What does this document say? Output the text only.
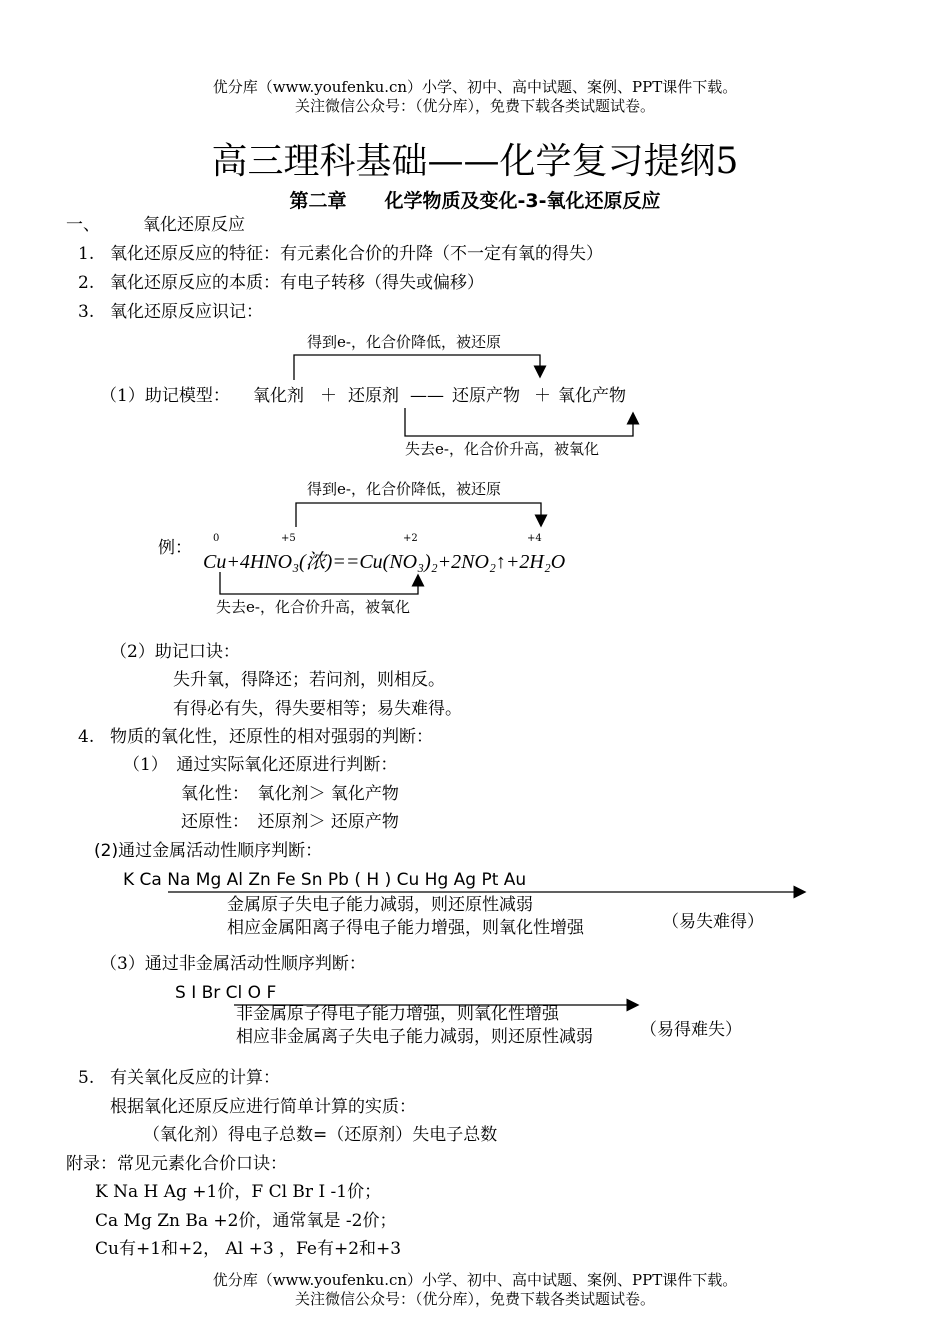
优分库（www.youfenku.cn）小学、初中、高中试题、案例、PPT课件下载。
关注微信公众号：（优分库），免费下载各类试题试卷。
高三理科基础——化学复习提纲5
第二章　　化学物质及变化-3-氧化还原反应
一、	氧化还原反应
1. 氧化还原反应的特征：有元素化合价的升降（不一定有氧的得失）
2. 氧化还原反应的本质：有电子转移（得失或偏移）
3. 氧化还原反应识记：
得到e-，化合价降低，被还原
（1）助记模型： 氧化剂 ＋ 还原剂 —— 还原产物 ＋ 氧化产物
失去e-，化合价升高，被氧化
得到e-，化合价降低，被还原
例： 0	+5	+2	+4
Cu+4HNO₃(浓)==Cu(NO₃)₂+2NO₂↑+2H₂O
失去e-，化合价升高，被氧化
（2）助记口诀：
失升氧，得降还；若问剂，则相反。
有得必有失，得失要相等；易失难得。
4. 物质的氧化性，还原性的相对强弱的判断：
（1）　通过实际氧化还原进行判断：
氧化性：　氧化剂＞ 氧化产物
还原性：　还原剂＞ 还原产物
(2)通过金属活动性顺序判断：
K Ca Na Mg Al Zn Fe Sn Pb ( H ) Cu Hg Ag Pt Au
金属原子失电子能力减弱，则还原性减弱
相应金属阳离子得电子能力增强，则氧化性增强	（易失难得）
（3）通过非金属活动性顺序判断：
S I Br Cl O F
非金属原子得电子能力增强，则氧化性增强
相应非金属离子失电子能力减弱，则还原性减弱	（易得难失）
5. 有关氧化反应的计算：
根据氧化还原反应进行简单计算的实质：
（氧化剂）得电子总数=（还原剂）失电子总数
附录：常见元素化合价口诀：
K Na H Ag +1价，F Cl Br I -1价；
Ca Mg Zn Ba +2价，通常氧是 -2价；
Cu有+1和+2， Al +3 ，Fe有+2和+3
优分库（www.youfenku.cn）小学、初中、高中试题、案例、PPT课件下载。
关注微信公众号：（优分库），免费下载各类试题试卷。
